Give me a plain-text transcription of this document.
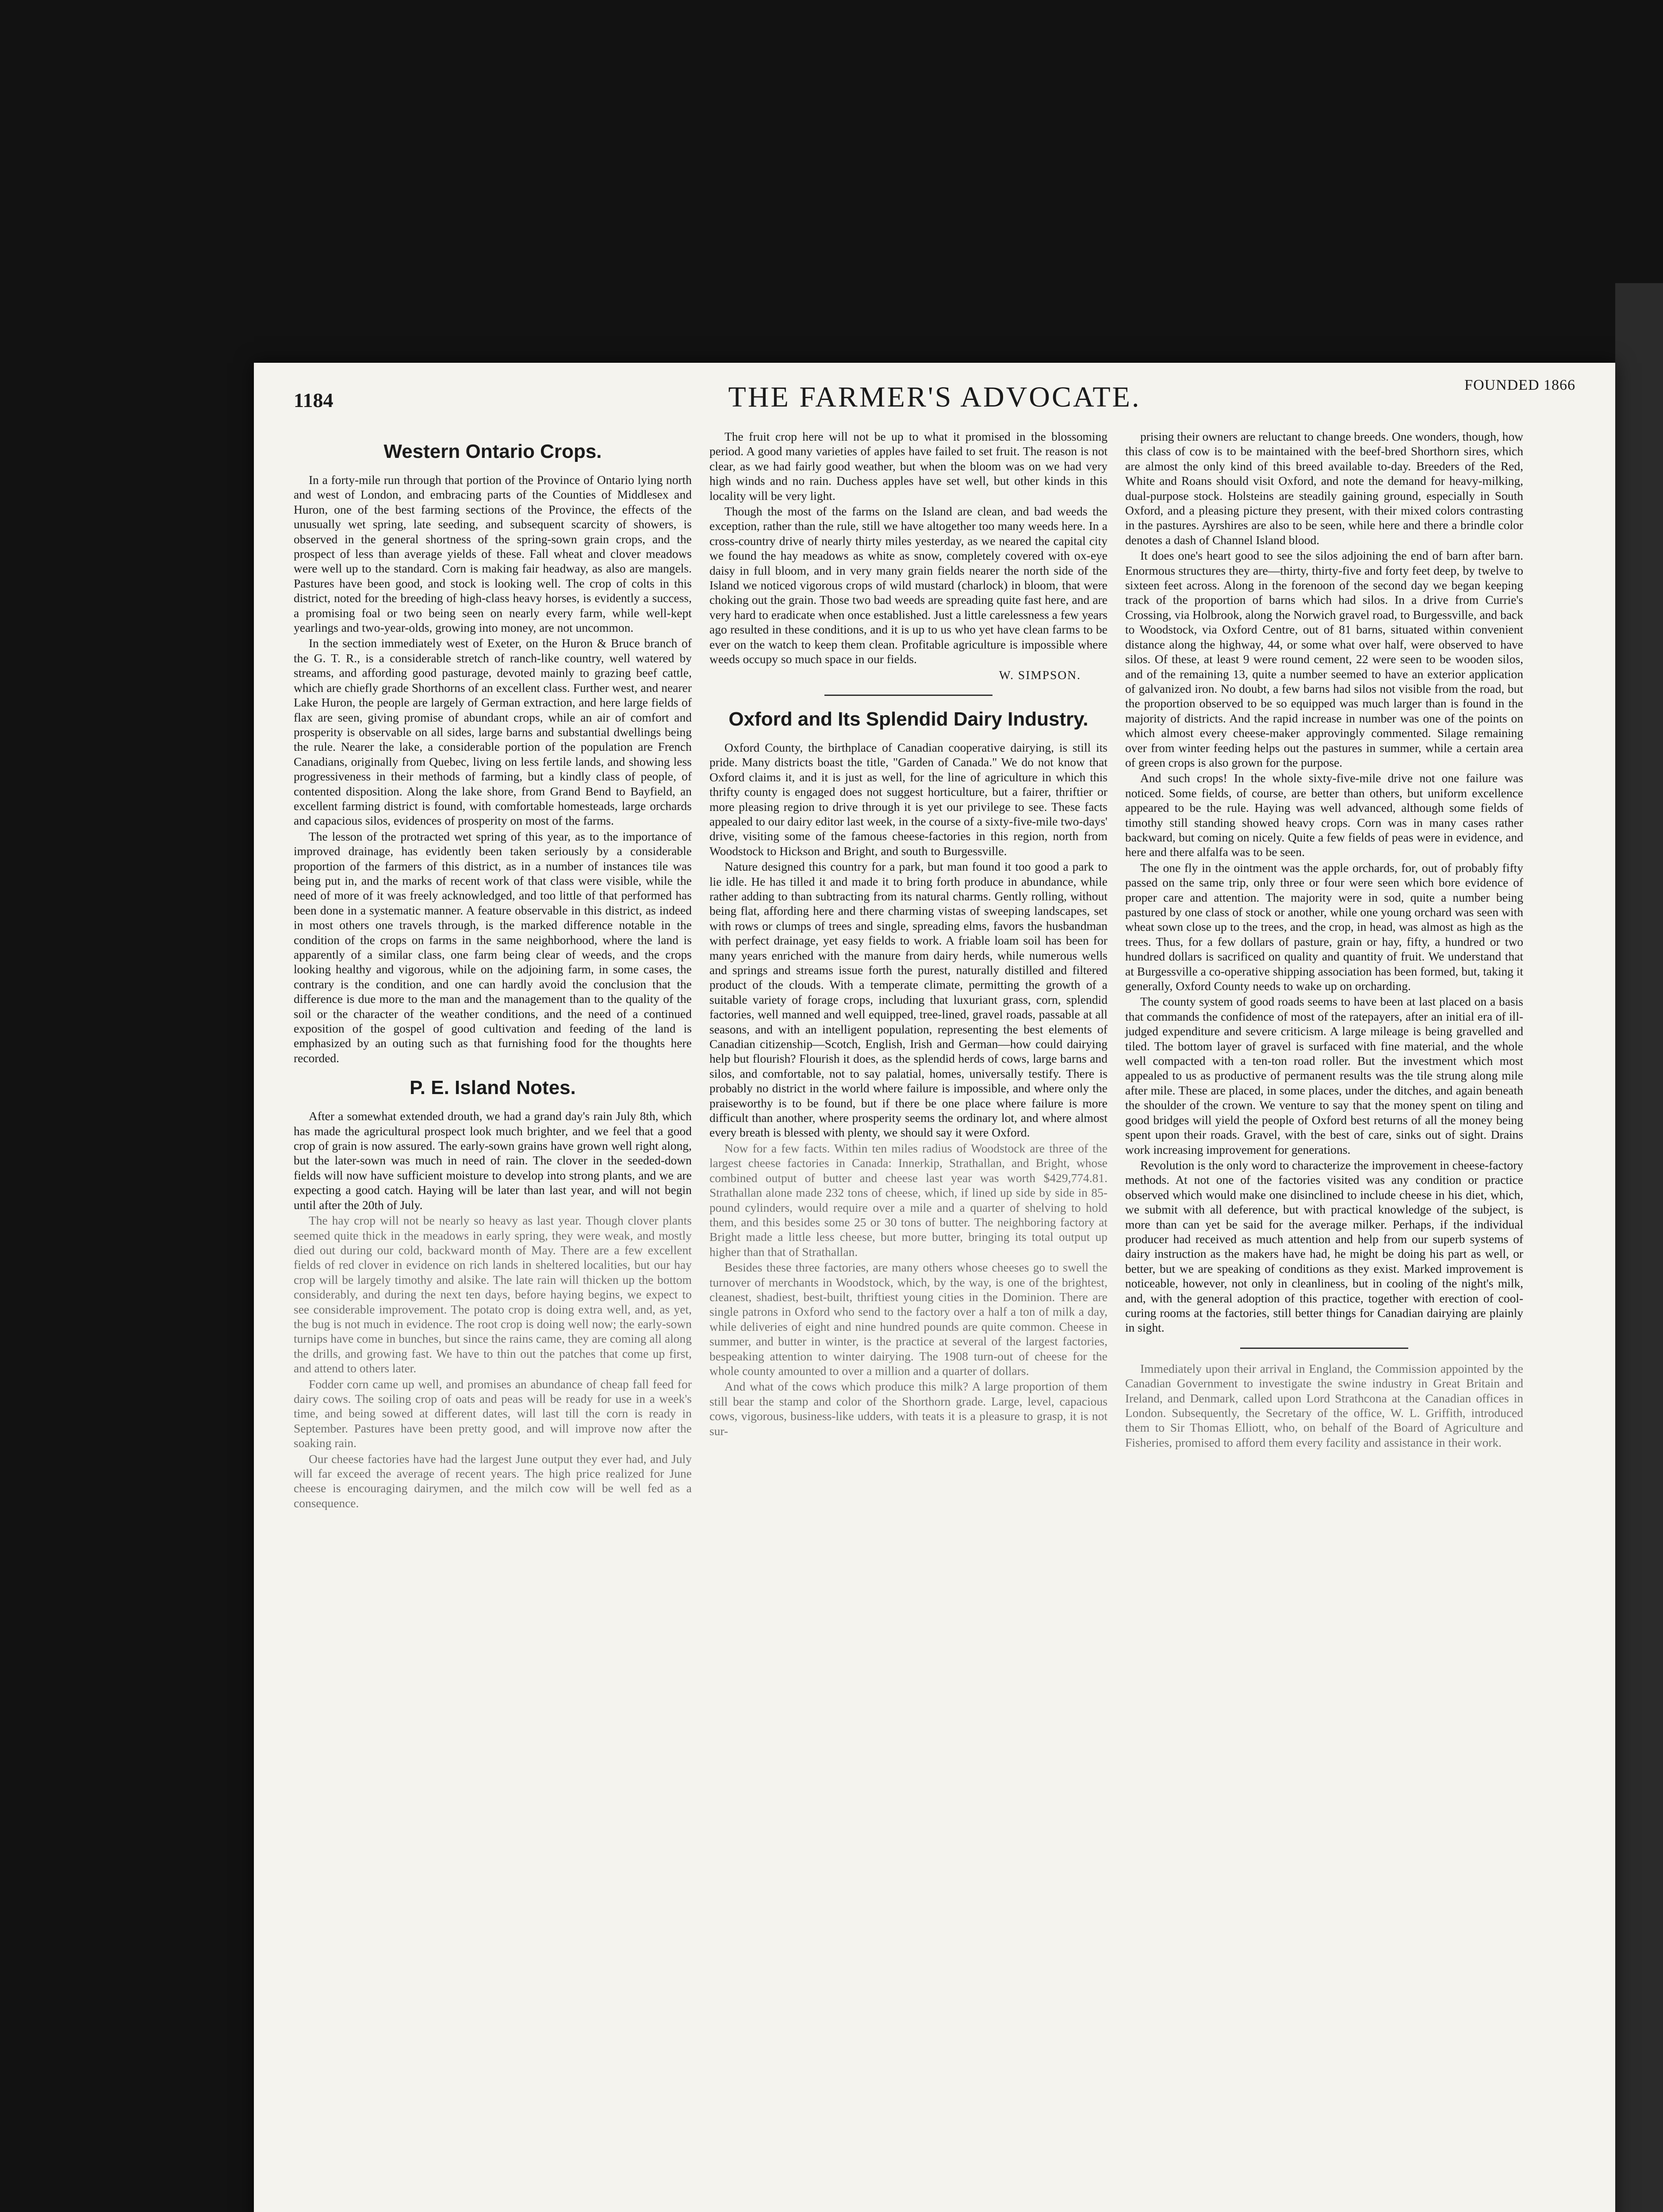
1184	THE FARMER'S ADVOCATE.	FOUNDED 1866
Western Ontario Crops.

In a forty-mile run through that portion of the Province of Ontario lying north and west of London, and embracing parts of the Counties of Middlesex and Huron, one of the best farming sections of the Province, the effects of the unusually wet spring, late seeding, and subsequent scarcity of showers, is observed in the general shortness of the spring-sown grain crops, and the prospect of less than average yields of these. Fall wheat and clover meadows were well up to the standard. Corn is making fair headway, as also are mangels. Pastures have been good, and stock is looking well. The crop of colts in this district, noted for the breeding of high-class heavy horses, is evidently a success, a promising foal or two being seen on nearly every farm, while well-kept yearlings and two-year-olds, growing into money, are not uncommon.

In the section immediately west of Exeter, on the Huron & Bruce branch of the G. T. R., is a considerable stretch of ranch-like country, well watered by streams, and affording good pasturage, devoted mainly to grazing beef cattle, which are chiefly grade Shorthorns of an excellent class. Further west, and nearer Lake Huron, the people are largely of German extraction, and here large fields of flax are seen, giving promise of abundant crops, while an air of comfort and prosperity is observable on all sides, large barns and substantial dwellings being the rule. Nearer the lake, a considerable portion of the population are French Canadians, originally from Quebec, living on less fertile lands, and showing less progressiveness in their methods of farming, but a kindly class of people, of contented disposition. Along the lake shore, from Grand Bend to Bayfield, an excellent farming district is found, with comfortable homesteads, large orchards and capacious silos, evidences of prosperity on most of the farms.

The lesson of the protracted wet spring of this year, as to the importance of improved drainage, has evidently been taken seriously by a considerable proportion of the farmers of this district, as in a number of instances tile was being put in, and the marks of recent work of that class were visible, while the need of more of it was freely acknowledged, and too little of that performed has been done in a systematic manner. A feature observable in this district, as indeed in most others one travels through, is the marked difference notable in the condition of the crops on farms in the same neighborhood, where the land is apparently of a similar class, one farm being clear of weeds, and the crops looking healthy and vigorous, while on the adjoining farm, in some cases, the contrary is the condition, and one can hardly avoid the conclusion that the difference is due more to the man and the management than to the quality of the soil or the character of the weather conditions, and the need of a continued exposition of the gospel of good cultivation and feeding of the land is emphasized by an outing such as that furnishing food for the thoughts here recorded.

P. E. Island Notes.

After a somewhat extended drouth, we had a grand day's rain July 8th, which has made the agricultural prospect look much brighter, and we feel that a good crop of grain is now assured. The early-sown grains have grown well right along, but the later-sown was much in need of rain. The clover in the seeded-down fields will now have sufficient moisture to develop into strong plants, and we are expecting a good catch. Haying will be later than last year, and will not begin until after the 20th of July.

The hay crop will not be nearly so heavy as last year. Though clover plants seemed quite thick in the meadows in early spring, they were weak, and mostly died out during our cold, backward month of May. There are a few excellent fields of red clover in evidence on rich lands in sheltered localities, but our hay crop will be largely timothy and alsike. The late rain will thicken up the bottom considerably, and during the next ten days, before haying begins, we expect to see considerable improvement. The potato crop is doing extra well, and, as yet, the bug is not much in evidence. The root crop is doing well now; the early-sown turnips have come in bunches, but since the rains came, they are coming all along the drills, and growing fast. We have to thin out the patches that come up first, and attend to others later.

Fodder corn came up well, and promises an abundance of cheap fall feed for dairy cows. The soiling crop of oats and peas will be ready for use in a week's time, and being sowed at different dates, will last till the corn is ready in September. Pastures have been pretty good, and will improve now after the soaking rain.

Our cheese factories have had the largest June output they ever had, and July will far exceed the average of recent years. The high price realized for June cheese is encouraging dairymen, and the milch cow will be well fed as a consequence.

The fruit crop here will not be up to what it promised in the blossoming period. A good many varieties of apples have failed to set fruit. The reason is not clear, as we had fairly good weather, but when the bloom was on we had very high winds and no rain. Duchess apples have set well, but other kinds in this locality will be very light.

Though the most of the farms on the Island are clean, and bad weeds the exception, rather than the rule, still we have altogether too many weeds here. In a cross-country drive of nearly thirty miles yesterday, as we neared the capital city we found the hay meadows as white as snow, completely covered with ox-eye daisy in full bloom, and in very many grain fields nearer the north side of the Island we noticed vigorous crops of wild mustard (charlock) in bloom, that were choking out the grain. Those two bad weeds are spreading quite fast here, and are very hard to eradicate when once established. Just a little carelessness a few years ago resulted in these conditions, and it is up to us who yet have clean farms to be ever on the watch to keep them clean. Profitable agriculture is impossible where weeds occupy so much space in our fields.

W. SIMPSON.

Oxford and Its Splendid Dairy Industry.

Oxford County, the birthplace of Canadian cooperative dairying, is still its pride. Many districts boast the title, "Garden of Canada." We do not know that Oxford claims it, and it is just as well, for the line of agriculture in which this thrifty county is engaged does not suggest horticulture, but a fairer, thriftier or more pleasing region to drive through it is yet our privilege to see. These facts appealed to our dairy editor last week, in the course of a sixty-five-mile two-days' drive, visiting some of the famous cheese-factories in this region, north from Woodstock to Hickson and Bright, and south to Burgessville.

Nature designed this country for a park, but man found it too good a park to lie idle. He has tilled it and made it to bring forth produce in abundance, while rather adding to than subtracting from its natural charms. Gently rolling, without being flat, affording here and there charming vistas of sweeping landscapes, set with rows or clumps of trees and single, spreading elms, favors the husbandman with perfect drainage, yet easy fields to work. A friable loam soil has been for many years enriched with the manure from dairy herds, while numerous wells and springs and streams issue forth the purest, naturally distilled and filtered product of the clouds. With a temperate climate, permitting the growth of a suitable variety of forage crops, including that luxuriant grass, corn, splendid factories, well manned and well equipped, tree-lined, gravel roads, passable at all seasons, and with an intelligent population, representing the best elements of Canadian citizenship—Scotch, English, Irish and German—how could dairying help but flourish? Flourish it does, as the splendid herds of cows, large barns and silos, and comfortable, not to say palatial, homes, universally testify. There is probably no district in the world where failure is impossible, and where only the praiseworthy is to be found, but if there be one place where failure is more difficult than another, where prosperity seems the ordinary lot, and where almost every breath is blessed with plenty, we should say it were Oxford.

Now for a few facts. Within ten miles radius of Woodstock are three of the largest cheese factories in Canada: Innerkip, Strathallan, and Bright, whose combined output of butter and cheese last year was worth $429,774.81. Strathallan alone made 232 tons of cheese, which, if lined up side by side in 85-pound cylinders, would require over a mile and a quarter of shelving to hold them, and this besides some 25 or 30 tons of butter. The neighboring factory at Bright made a little less cheese, but more butter, bringing its total output up higher than that of Strathallan.

Besides these three factories, are many others whose cheeses go to swell the turnover of merchants in Woodstock, which, by the way, is one of the brightest, cleanest, shadiest, best-built, thriftiest young cities in the Dominion. There are single patrons in Oxford who send to the factory over a half a ton of milk a day, while deliveries of eight and nine hundred pounds are quite common. Cheese in summer, and butter in winter, is the practice at several of the largest factories, bespeaking attention to winter dairying. The 1908 turn-out of cheese for the whole county amounted to over a million and a quarter of dollars.

And what of the cows which produce this milk? A large proportion of them still bear the stamp and color of the Shorthorn grade. Large, level, capacious cows, vigorous, business-like udders, with teats it is a pleasure to grasp, it is not sur-

prising their owners are reluctant to change breeds. One wonders, though, how this class of cow is to be maintained with the beef-bred Shorthorn sires, which are almost the only kind of this breed available to-day. Breeders of the Red, White and Roans should visit Oxford, and note the demand for heavy-milking, dual-purpose stock. Holsteins are steadily gaining ground, especially in South Oxford, and a pleasing picture they present, with their mixed colors contrasting in the pastures. Ayrshires are also to be seen, while here and there a brindle color denotes a dash of Channel Island blood.

It does one's heart good to see the silos adjoining the end of barn after barn. Enormous structures they are—thirty, thirty-five and forty feet deep, by twelve to sixteen feet across. Along in the forenoon of the second day we began keeping track of the proportion of barns which had silos. In a drive from Currie's Crossing, via Holbrook, along the Norwich gravel road, to Burgessville, and back to Woodstock, via Oxford Centre, out of 81 barns, situated within convenient distance along the highway, 44, or some what over half, were observed to have silos. Of these, at least 9 were round cement, 22 were seen to be wooden silos, and of the remaining 13, quite a number seemed to have an exterior application of galvanized iron. No doubt, a few barns had silos not visible from the road, but the proportion observed to be so equipped was much larger than is found in the majority of districts. And the rapid increase in number was one of the points on which almost every cheese-maker approvingly commented. Silage remaining over from winter feeding helps out the pastures in summer, while a certain area of green crops is also grown for the purpose.

And such crops! In the whole sixty-five-mile drive not one failure was noticed. Some fields, of course, are better than others, but uniform excellence appeared to be the rule. Haying was well advanced, although some fields of timothy still standing showed heavy crops. Corn was in many cases rather backward, but coming on nicely. Quite a few fields of peas were in evidence, and here and there alfalfa was to be seen.

The one fly in the ointment was the apple orchards, for, out of probably fifty passed on the same trip, only three or four were seen which bore evidence of proper care and attention. The majority were in sod, quite a number being pastured by one class of stock or another, while one young orchard was seen with wheat sown close up to the trees, and the crop, in head, was almost as high as the trees. Thus, for a few dollars of pasture, grain or hay, fifty, a hundred or two hundred dollars is sacrificed on quality and quantity of fruit. We understand that at Burgessville a co-operative shipping association has been formed, but, taking it generally, Oxford County needs to wake up on orcharding.

The county system of good roads seems to have been at last placed on a basis that commands the confidence of most of the ratepayers, after an initial era of ill-judged expenditure and severe criticism. A large mileage is being gravelled and tiled. The bottom layer of gravel is surfaced with fine material, and the whole well compacted with a ten-ton road roller. But the investment which most appealed to us as productive of permanent results was the tile strung along mile after mile. These are placed, in some places, under the ditches, and again beneath the shoulder of the crown. We venture to say that the money spent on tiling and good bridges will yield the people of Oxford best returns of all the money being spent upon their roads. Gravel, with the best of care, sinks out of sight. Drains work increasing improvement for generations.

Revolution is the only word to characterize the improvement in cheese-factory methods. At not one of the factories visited was any condition or practice observed which would make one disinclined to include cheese in his diet, which, we submit with all deference, but with practical knowledge of the subject, is more than can yet be said for the average milker. Perhaps, if the individual producer had received as much attention and help from our superb systems of dairy instruction as the makers have had, he might be doing his part as well, or better, but we are speaking of conditions as they exist. Marked improvement is noticeable, however, not only in cleanliness, but in cooling of the night's milk, and, with the general adoption of this practice, together with erection of cool-curing rooms at the factories, still better things for Canadian dairying are plainly in sight.

Immediately upon their arrival in England, the Commission appointed by the Canadian Government to investigate the swine industry in Great Britain and Ireland, and Denmark, called upon Lord Strathcona at the Canadian offices in London. Subsequently, the Secretary of the office, W. L. Griffith, introduced them to Sir Thomas Elliott, who, on behalf of the Board of Agriculture and Fisheries, promised to afford them every facility and assistance in their work.
